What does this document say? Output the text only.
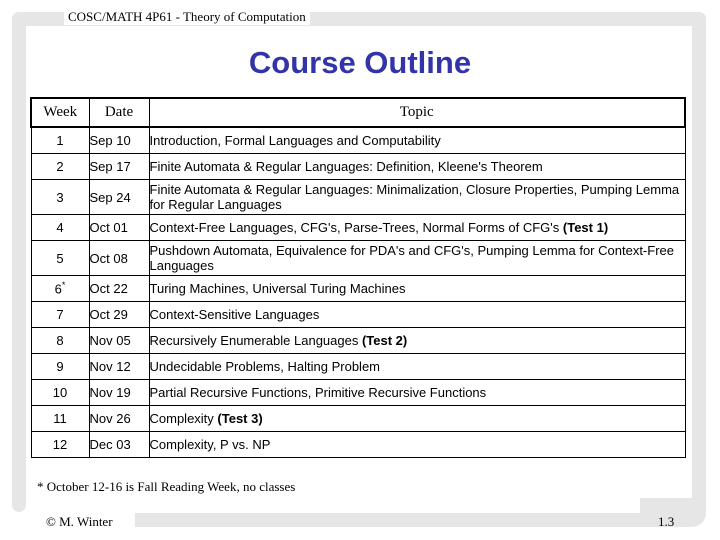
COSC/MATH 4P61 - Theory of Computation
Course Outline
Week	Date	Topic
1	Sep 10	Introduction, Formal Languages and Computability
2	Sep 17	Finite Automata & Regular Languages: Definition, Kleene's Theorem
3	Sep 24	Finite Automata & Regular Languages: Minimalization, Closure Properties, Pumping Lemma for Regular Languages
4	Oct 01	Context-Free Languages, CFG's, Parse-Trees, Normal Forms of CFG's (Test 1)
5	Oct 08	Pushdown Automata, Equivalence for PDA's and CFG's, Pumping Lemma for Context-Free Languages
6*	Oct 22	Turing Machines, Universal Turing Machines
7	Oct 29	Context-Sensitive Languages
8	Nov 05	Recursively Enumerable Languages (Test 2)
9	Nov 12	Undecidable Problems, Halting Problem
10	Nov 19	Partial Recursive Functions, Primitive Recursive Functions
11	Nov 26	Complexity (Test 3)
12	Dec 03	Complexity, P vs. NP
* October 12-16 is Fall Reading Week, no classes
© M. Winter	1.3
